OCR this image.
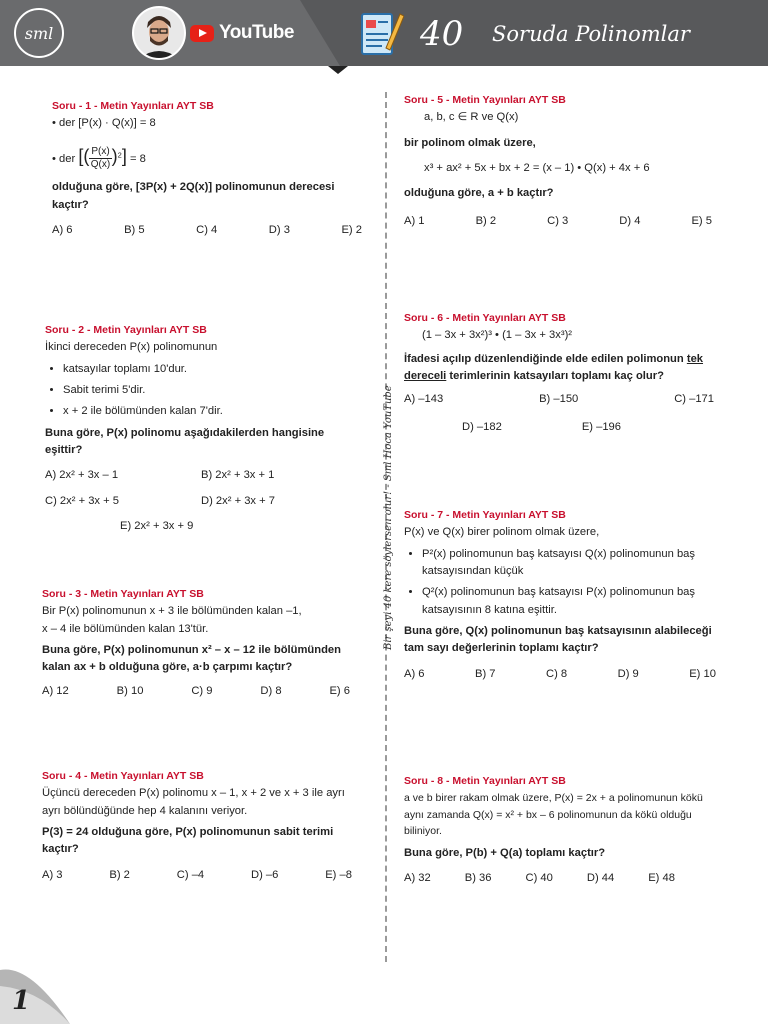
sml	YouTube	40 Soruda Polinomlar
Bir şeyi 40 kere söylersen olur! - Sml Hoca YouTube
Soru - 1 - Metin Yayınları AYT SB
• der [P(x) · Q(x)] = 8
• der [( $\frac{P(x)}{Q(x)} )^2] = 8$
olduğuna göre, [3P(x) + 2Q(x)] polinomunun derecesi kaçtır?
A) 6	B) 5	C) 4	D) 3	E) 2
Soru - 2 - Metin Yayınları AYT SB
İkinci dereceden P(x) polinomunun
• katsayılar toplamı 10'dur.
• Sabit terimi 5'dir.
• x + 2 ile bölümünden kalan 7'dir.
Buna göre, P(x) polinomu aşağıdakilerden hangisine eşittir?
A) 2x² + 3x – 1	B) 2x² + 3x + 1
C) 2x² + 3x + 5	D) 2x² + 3x + 7
E) 2x² + 3x + 9
Soru - 3 - Metin Yayınları AYT SB
Bir P(x) polinomunun x + 3 ile bölümünden kalan –1,
x – 4 ile bölümünden kalan 13'tür.
Buna göre, P(x) polinomunun x² – x – 12 ile bölümünden kalan ax + b olduğuna göre, a·b çarpımı kaçtır?
A) 12	B) 10	C) 9	D) 8	E) 6
Soru - 4 - Metin Yayınları AYT SB
Üçüncü dereceden P(x) polinomu x – 1, x + 2 ve x + 3 ile ayrı ayrı bölündüğünde hep 4 kalanını veriyor.
P(3) = 24 olduğuna göre, P(x) polinomunun sabit terimi kaçtır?
A) 3	B) 2	C) –4	D) –6	E) –8
Soru - 5 - Metin Yayınları AYT SB
a, b, c ∈ R ve Q(x)
bir polinom olmak üzere,
x³ + ax² + 5x + bx + 2 = (x – 1) • Q(x) + 4x + 6
olduğuna göre, a + b kaçtır?
A) 1	B) 2	C) 3	D) 4	E) 5
Soru - 6 - Metin Yayınları AYT SB
(1 – 3x + 3x²)³ • (1 – 3x + 3x³)²
İfadesi açılıp düzenlendiğinde elde edilen polimonun tek dereceli terimlerinin katsayıları toplamı kaç olur?
A) –143	B) –150	C) –171
D) –182	E) –196
Soru - 7 - Metin Yayınları AYT SB
P(x) ve Q(x) birer polinom olmak üzere,
• P²(x) polinomunun baş katsayısı Q(x) polinomunun baş katsayısından küçük
• Q²(x) polinomunun baş katsayısı P(x) polinomunun baş katsayısının 8 katına eşittir.
Buna göre, Q(x) polinomunun baş katsayısının alabileceği tam sayı değerlerinin toplamı kaçtır?
A) 6	B) 7	C) 8	D) 9	E) 10
Soru - 8 - Metin Yayınları AYT SB
a ve b birer rakam olmak üzere, P(x) = 2x + a polinomunun kökü aynı zamanda Q(x) = x² + bx – 6 polinomunun da kökü olduğu biliniyor.
Buna göre, P(b) + Q(a) toplamı kaçtır?
A) 32	B) 36	C) 40	D) 44	E) 48
1
